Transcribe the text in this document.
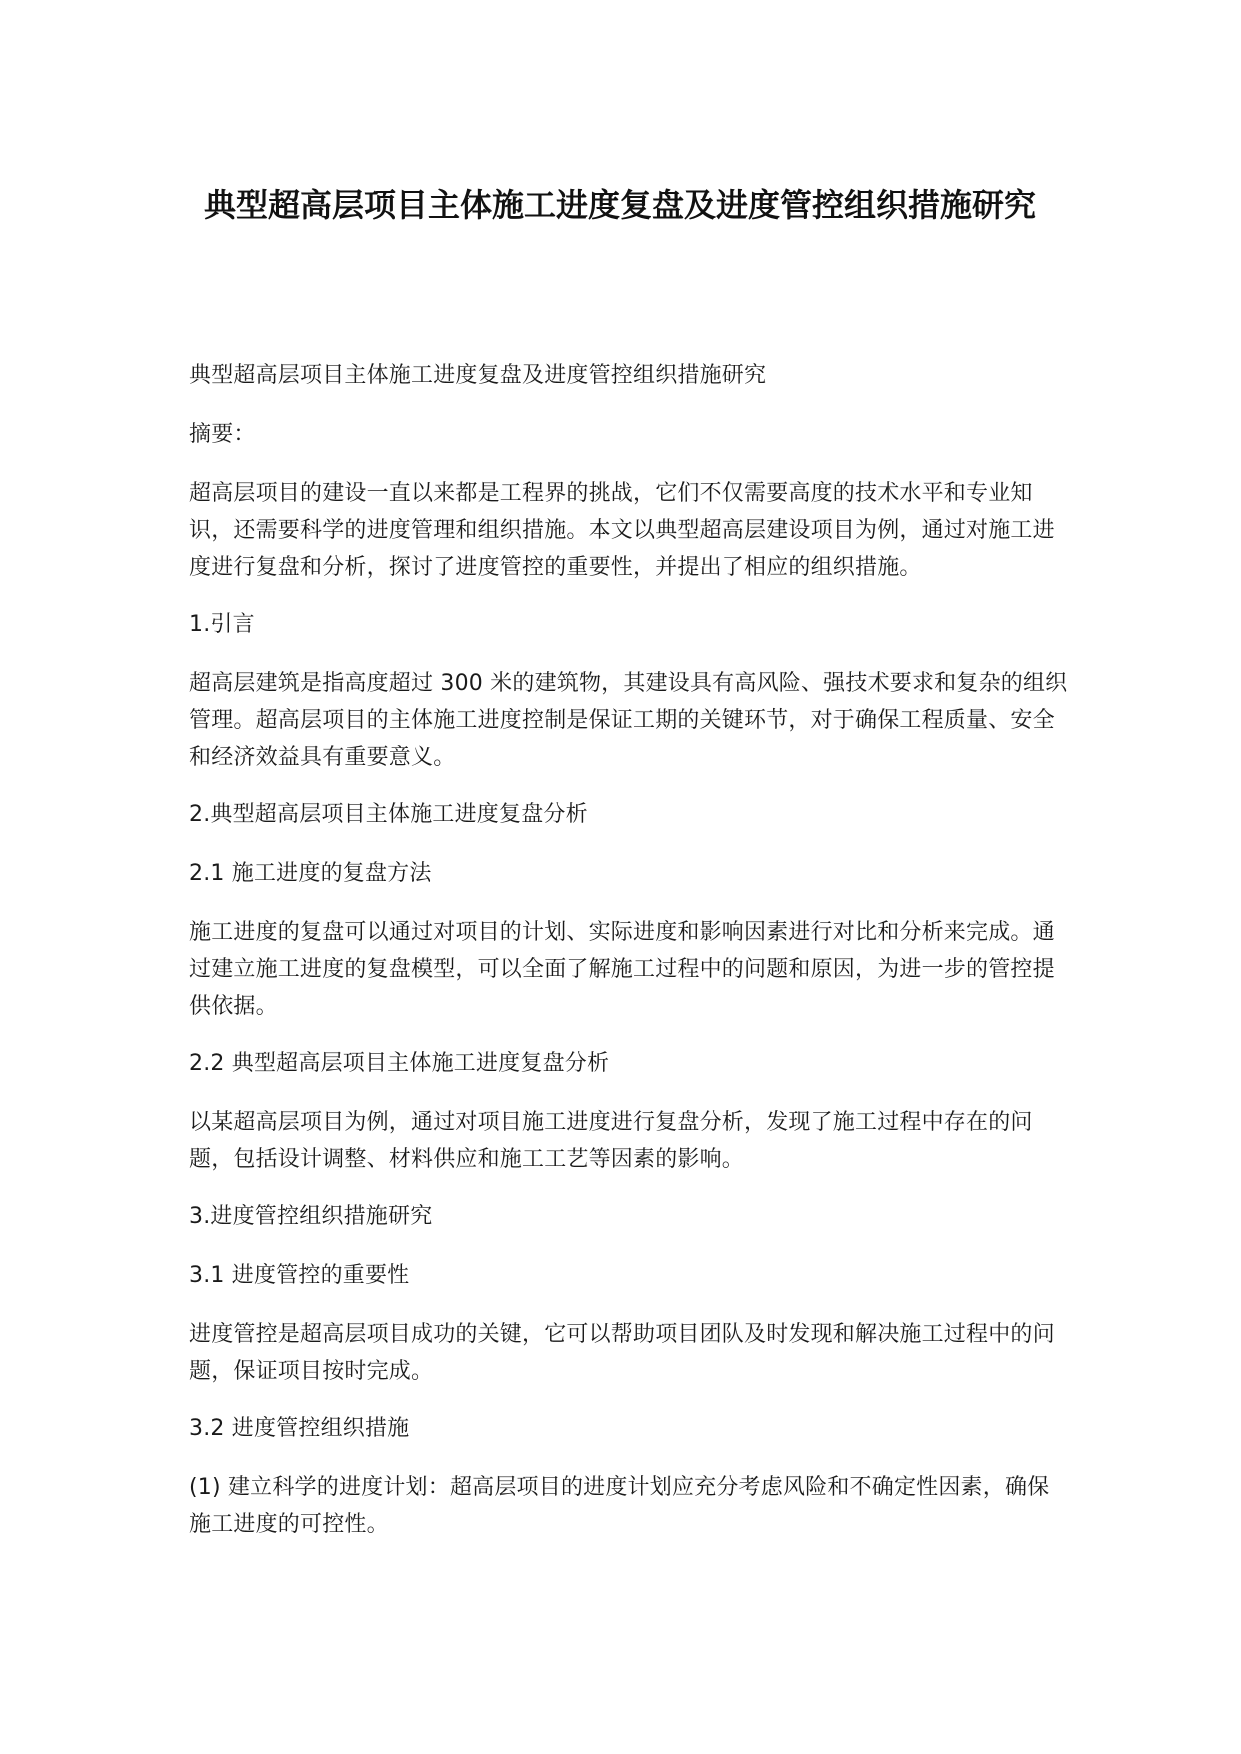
典型超高层项目主体施工进度复盘及进度管控组织措施研究

典型超高层项目主体施工进度复盘及进度管控组织措施研究

摘要：

超高层项目的建设一直以来都是工程界的挑战，它们不仅需要高度的技术水平和专业知识，还需要科学的进度管理和组织措施。本文以典型超高层建设项目为例，通过对施工进度进行复盘和分析，探讨了进度管控的重要性，并提出了相应的组织措施。

1.引言

超高层建筑是指高度超过 300 米的建筑物，其建设具有高风险、强技术要求和复杂的组织管理。超高层项目的主体施工进度控制是保证工期的关键环节，对于确保工程质量、安全和经济效益具有重要意义。

2.典型超高层项目主体施工进度复盘分析

2.1 施工进度的复盘方法

施工进度的复盘可以通过对项目的计划、实际进度和影响因素进行对比和分析来完成。通过建立施工进度的复盘模型，可以全面了解施工过程中的问题和原因，为进一步的管控提供依据。

2.2 典型超高层项目主体施工进度复盘分析

以某超高层项目为例，通过对项目施工进度进行复盘分析，发现了施工过程中存在的问题，包括设计调整、材料供应和施工工艺等因素的影响。

3.进度管控组织措施研究

3.1 进度管控的重要性

进度管控是超高层项目成功的关键，它可以帮助项目团队及时发现和解决施工过程中的问题，保证项目按时完成。

3.2 进度管控组织措施

(1) 建立科学的进度计划：超高层项目的进度计划应充分考虑风险和不确定性因素，确保施工进度的可控性。
